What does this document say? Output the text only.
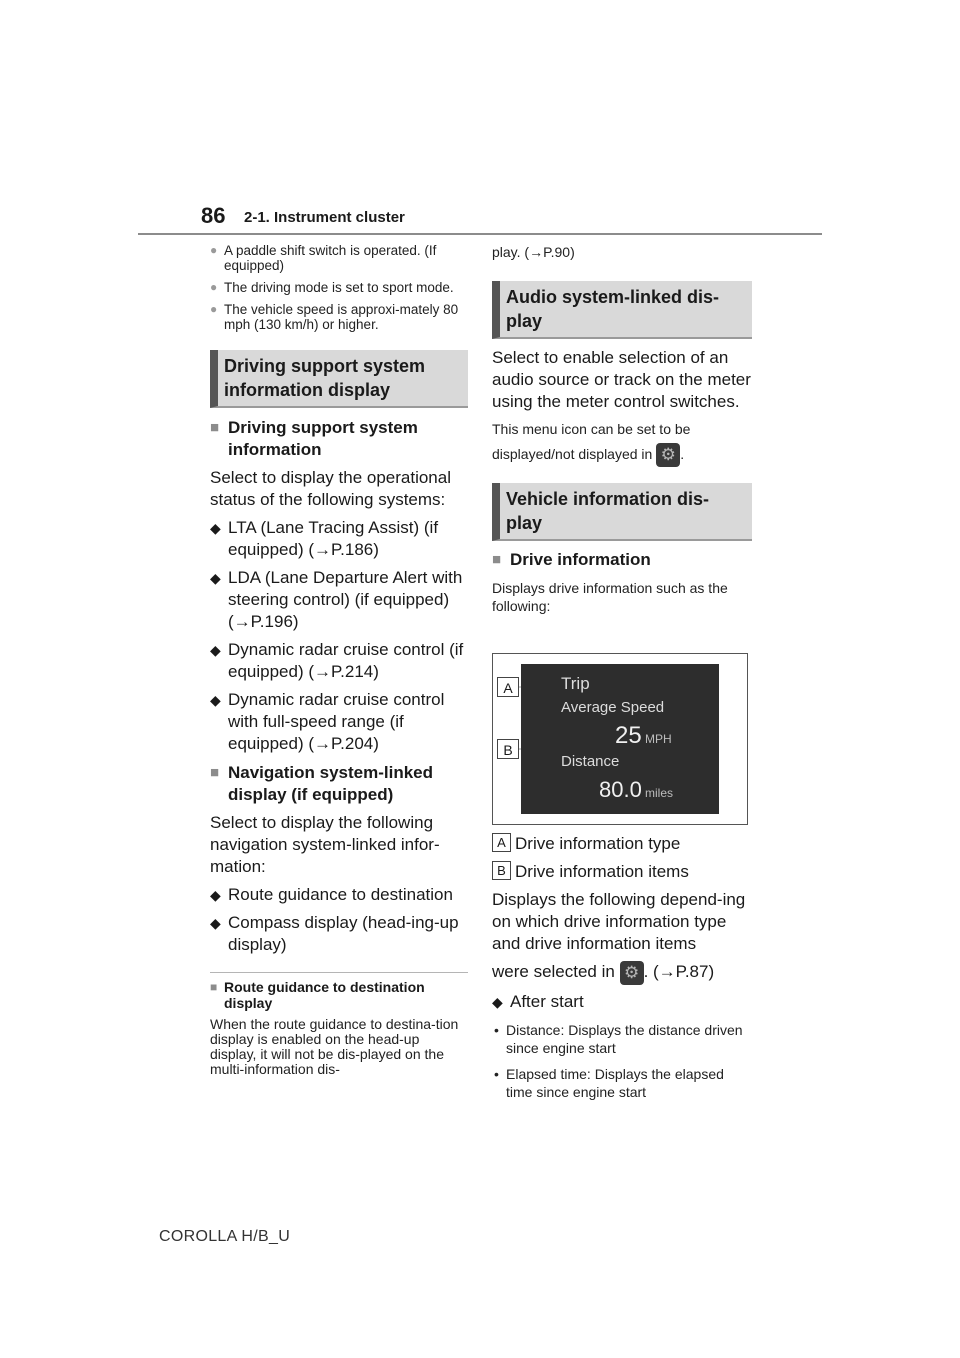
86 2-1. Instrument cluster
● A paddle shift switch is operated. (If equipped)
● The driving mode is set to sport mode.
● The vehicle speed is approxi-mately 80 mph (130 km/h) or higher.
Driving support system information display
■ Driving support system information
Select to display the operational status of the following systems:
◆ LTA (Lane Tracing Assist) (if equipped) (→P.186)
◆ LDA (Lane Departure Alert with steering control) (if equipped) (→P.196)
◆ Dynamic radar cruise control (if equipped) (→P.214)
◆ Dynamic radar cruise control with full-speed range (if equipped) (→P.204)
■ Navigation system-linked display (if equipped)
Select to display the following navigation system-linked infor-mation:
◆ Route guidance to destination
◆ Compass display (head-ing-up display)
■ Route guidance to destination display
When the route guidance to destina-tion display is enabled on the head-up display, it will not be dis-played on the multi-information dis-
play. (→P.90)
Audio system-linked dis-play
Select to enable selection of an audio source or track on the meter using the meter control switches.
This menu icon can be set to be
displayed/not displayed in ⚙ .
Vehicle information dis-play
■ Drive information
Displays drive information such as the following:
A
B
Trip
Average Speed
25 MPH
Distance
80.0 miles
A Drive information type
B Drive information items
Displays the following depend-ing on which drive information type and drive information items
were selected in ⚙ . (→P.87)
◆ After start
• Distance: Displays the distance driven since engine start
• Elapsed time: Displays the elapsed time since engine start
COROLLA H/B_U
